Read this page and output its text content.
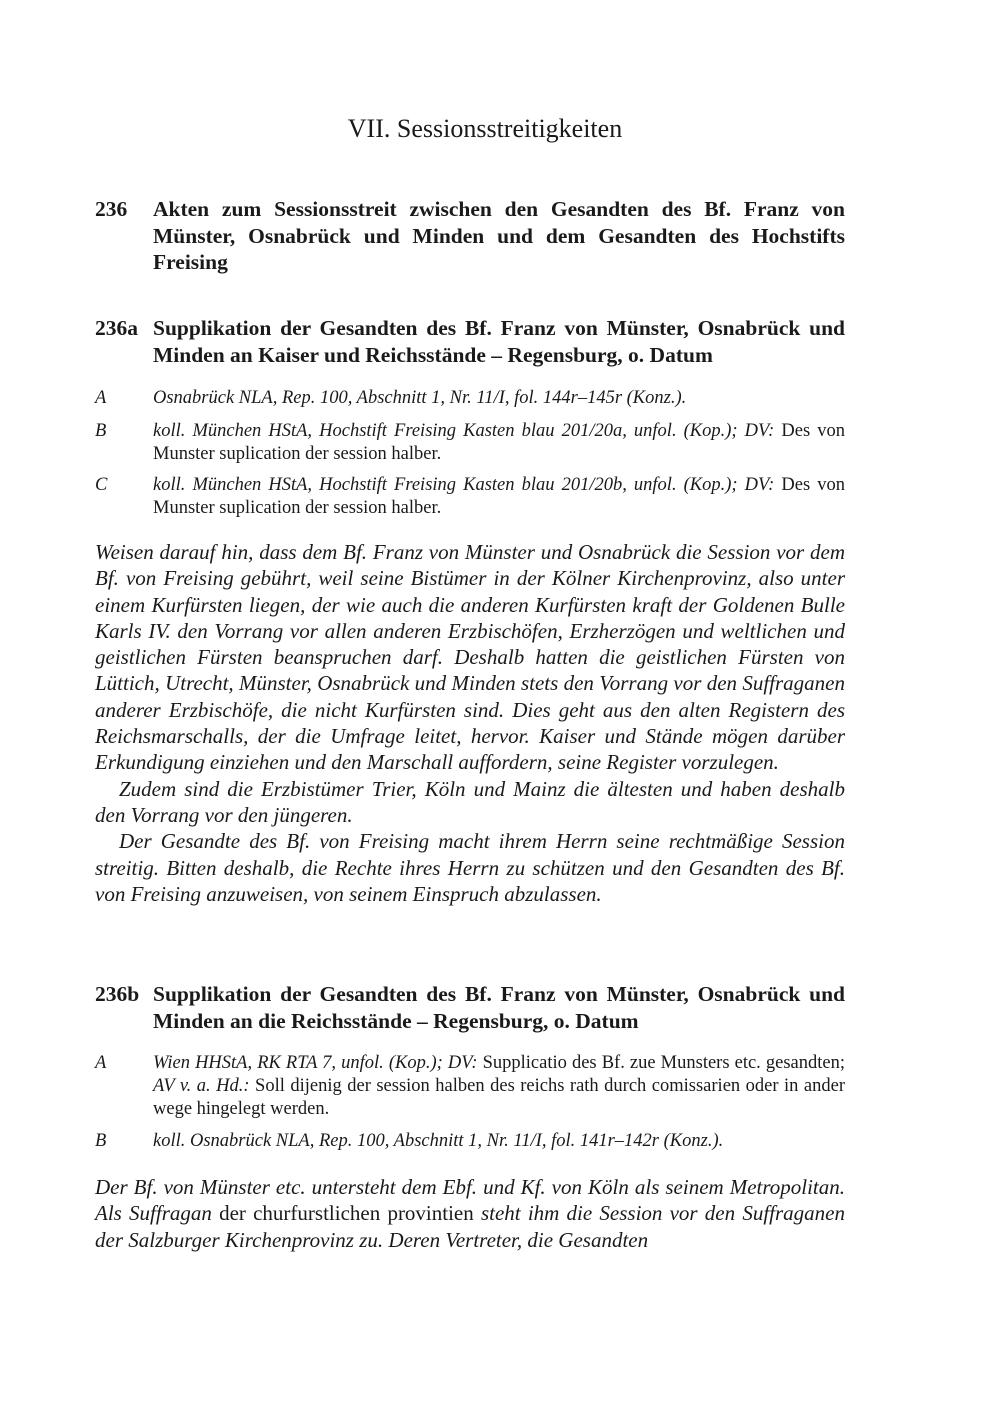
VII. Sessionsstreitigkeiten
236 Akten zum Sessionsstreit zwischen den Gesandten des Bf. Franz von Münster, Osnabrück und Minden und dem Gesandten des Hochstifts Freising
236a Supplikation der Gesandten des Bf. Franz von Münster, Osnabrück und Minden an Kaiser und Reichsstände – Regensburg, o. Datum
A	Osnabrück NLA, Rep. 100, Abschnitt 1, Nr. 11/I, fol. 144r–145r (Konz.).
B	koll. München HStA, Hochstift Freising Kasten blau 201/20a, unfol. (Kop.); DV: Des von Munster suplication der session halber.
C koll. München HStA, Hochstift Freising Kasten blau 201/20b, unfol. (Kop.); DV: Des von Munster suplication der session halber.

Weisen darauf hin, dass dem Bf. Franz von Münster und Osnabrück die Session vor dem Bf. von Freising gebührt, weil seine Bistümer in der Kölner Kirchenprovinz, also unter einem Kurfürsten liegen, der wie auch die anderen Kurfürsten kraft der Goldenen Bulle Karls IV. den Vorrang vor allen anderen Erzbischöfen, Erzherzögen und weltlichen und geistlichen Fürsten beanspruchen darf. Deshalb hatten die geistlichen Fürsten von Lüttich, Utrecht, Münster, Osnabrück und Minden stets den Vorrang vor den Suffraganen anderer Erzbischöfe, die nicht Kurfürsten sind. Dies geht aus den alten Registern des Reichsmarschalls, der die Umfrage leitet, hervor. Kaiser und Stände mögen darüber Erkundigung einziehen und den Marschall auffordern, seine Register vorzulegen.

Zudem sind die Erzbistümer Trier, Köln und Mainz die ältesten und haben deshalb den Vorrang vor den jüngeren.

Der Gesandte des Bf. von Freising macht ihrem Herrn seine rechtmäßige Session streitig. Bitten deshalb, die Rechte ihres Herrn zu schützen und den Gesandten des Bf. von Freising anzuweisen, von seinem Einspruch abzulassen.

236b Supplikation der Gesandten des Bf. Franz von Münster, Osnabrück und Minden an die Reichsstände – Regensburg, o. Datum
A	Wien HHStA, RK RTA 7, unfol. (Kop.); DV: Supplicatio des Bf. zue Munsters etc. gesandten; AV v. a. Hd.: Soll dijenig der session halben des reichs rath durch comissarien oder in ander wege hingelegt werden.
B	koll. Osnabrück NLA, Rep. 100, Abschnitt 1, Nr. 11/I, fol. 141r–142r (Konz.).

Der Bf. von Münster etc. untersteht dem Ebf. und Kf. von Köln als seinem Metropolitan. Als Suffragan der churfurstlichen provintien steht ihm die Session vor den Suffraganen der Salzburger Kirchenprovinz zu. Deren Vertreter, die Gesandten
